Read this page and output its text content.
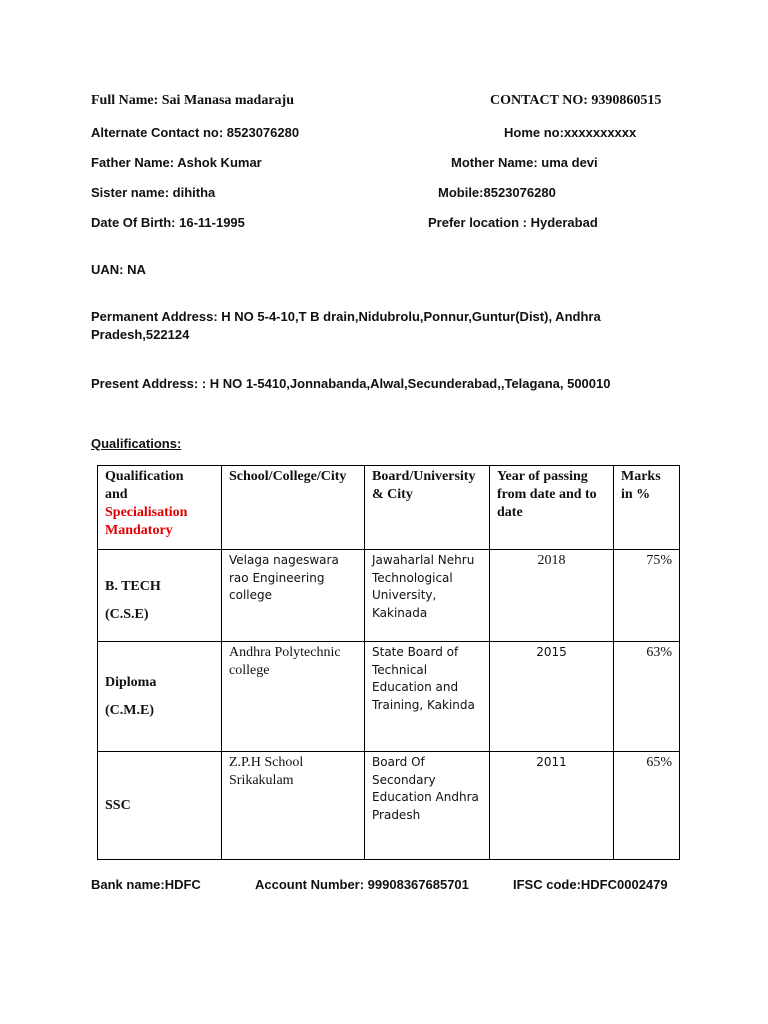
Full Name: Sai Manasa madaraju	CONTACT NO: 9390860515
Alternate Contact no: 8523076280	Home no:xxxxxxxxxx
Father Name: Ashok Kumar	Mother Name: uma devi
Sister name: dihitha	Mobile:8523076280
Date Of Birth: 16-11-1995	Prefer location : Hyderabad
UAN: NA
Permanent Address: H NO 5-4-10,T B drain,Nidubrolu,Ponnur,Guntur(Dist), Andhra
Pradesh,522124
Present Address: : H NO 1-5410,Jonnabanda,Alwal,Secunderabad,,Telagana, 500010
Qualifications:
Qualification
and
Specialisation
Mandatory	School/College/City	Board/University & City	Year of passing from date and to date	Marks in %

B. TECH
(C.S.E)	Velaga nageswara rao Engineering college	Jawaharlal Nehru Technological University, Kakinada	2018	75%

Diploma
(C.M.E)	Andhra Polytechnic college	State Board of Technical Education and Training, Kakinda	2015	63%

SSC	Z.P.H School Srikakulam	Board Of Secondary Education Andhra Pradesh	2011	65%
Bank name:HDFC	Account Number: 99908367685701	IFSC code:HDFC0002479
